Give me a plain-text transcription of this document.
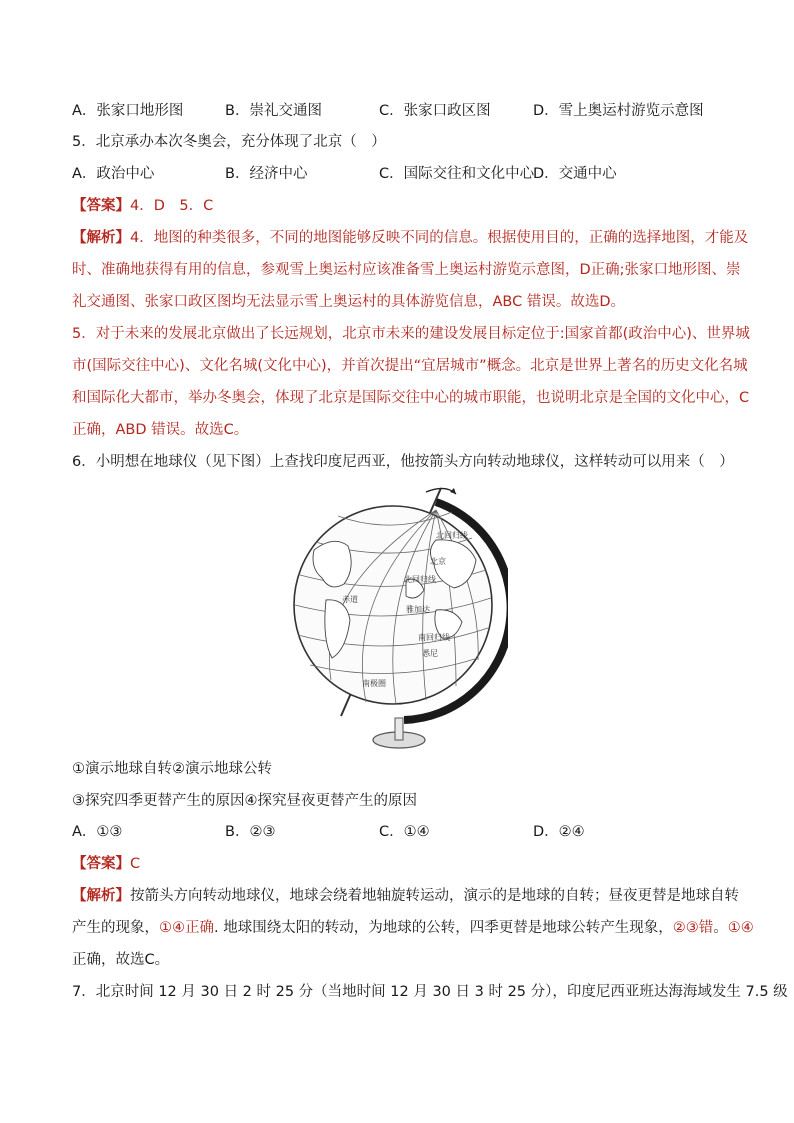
A．张家口地形图	B．崇礼交通图	C．张家口政区图	D．雪上奥运村游览示意图
5．北京承办本次冬奥会，充分体现了北京（　）
A．政治中心	B．经济中心	C．国际交往和文化中心
D．交通中心
【答案】4．D　5．C
【解析】4．地图的种类很多，不同的地图能够反映不同的信息。根据使用目的，正确的选择地图，才能及
时、准确地获得有用的信息，参观雪上奥运村应该准备雪上奥运村游览示意图，D正确;张家口地形图、崇
礼交通图、张家口政区图均无法显示雪上奥运村的具体游览信息，ABC 错误。故选D。
5．对于未来的发展北京做出了长远规划，北京市未来的建设发展目标定位于:国家首都(政治中心)、世界城
市(国际交往中心)、文化名城(文化中心)，并首次提出“宜居城市”概念。北京是世界上著名的历史文化名城
和国际化大都市，举办冬奥会，体现了北京是国际交往中心的城市职能，也说明北京是全国的文化中心，C
正确，ABD 错误。故选C。
6．小明想在地球仪（见下图）上查找印度尼西亚，他按箭头方向转动地球仪，这样转动可以用来（　）
北回归线
北京
北回归线
赤道
雅加达
南回归线
悉尼
南极圈
①演示地球自转②演示地球公转
③探究四季更替产生的原因④探究昼夜更替产生的原因
A．①③	B．②③	C．①④	D．②④
【答案】C
【解析】按箭头方向转动地球仪，地球会绕着地轴旋转运动，演示的是地球的自转；昼夜更替是地球自转
产生的现象，①④正确. 地球围绕太阳的转动，为地球的公转，四季更替是地球公转产生现象，②③错。①④
正确，故选C。
7．北京时间 12 月 30 日 2 时 25 分（当地时间 12 月 30 日 3 时 25 分），印度尼西亚班达海海域发生 7.5 级
